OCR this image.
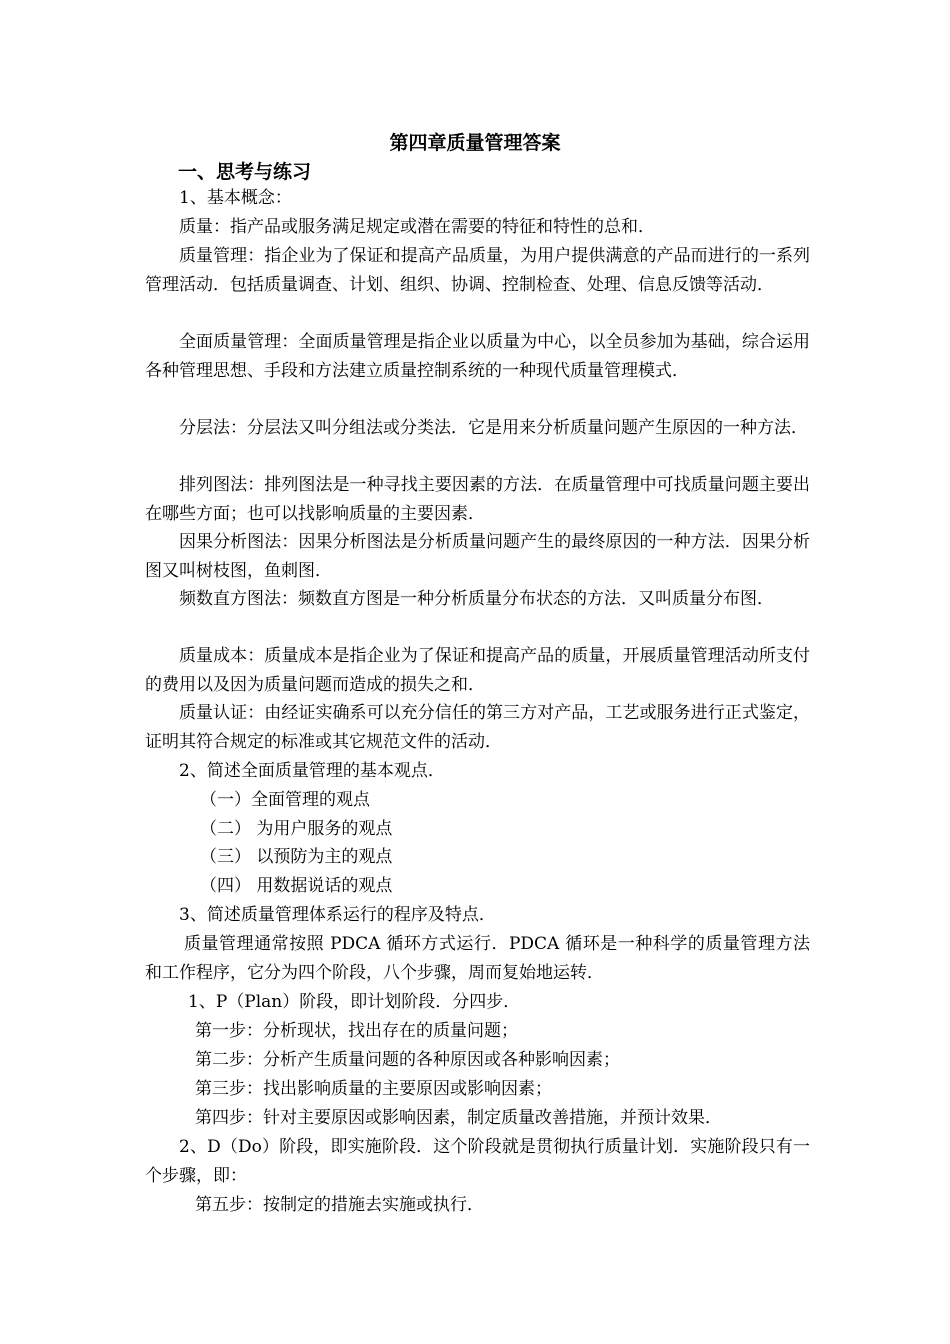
第四章质量管理答案
一、思考与练习
1、基本概念：

质量：指产品或服务满足规定或潜在需要的特征和特性的总和．

质量管理：指企业为了保证和提高产品质量，为用户提供满意的产品而进行的一系列管理活动．包括质量调查、计划、组织、协调、控制检查、处理、信息反馈等活动．

全面质量管理：全面质量管理是指企业以质量为中心，以全员参加为基础，综合运用各种管理思想、手段和方法建立质量控制系统的一种现代质量管理模式．

分层法：分层法又叫分组法或分类法．它是用来分析质量问题产生原因的一种方法．

排列图法：排列图法是一种寻找主要因素的方法．在质量管理中可找质量问题主要出在哪些方面；也可以找影响质量的主要因素．

因果分析图法：因果分析图法是分析质量问题产生的最终原因的一种方法．因果分析图又叫树枝图，鱼刺图．

频数直方图法：频数直方图是一种分析质量分布状态的方法．又叫质量分布图．

质量成本：质量成本是指企业为了保证和提高产品的质量，开展质量管理活动所支付的费用以及因为质量问题而造成的损失之和．

质量认证：由经证实确系可以充分信任的第三方对产品，工艺或服务进行正式鉴定，证明其符合规定的标准或其它规范文件的活动．

2、简述全面质量管理的基本观点．
（一）全面管理的观点
（二） 为用户服务的观点
（三） 以预防为主的观点
（四） 用数据说话的观点
3、简述质量管理体系运行的程序及特点．

质量管理通常按照 PDCA 循环方式运行．PDCA 循环是一种科学的质量管理方法和工作程序，它分为四个阶段，八个步骤，周而复始地运转．

1、P（Plan）阶段，即计划阶段．分四步．
第一步：分析现状，找出存在的质量问题；
第二步：分析产生质量问题的各种原因或各种影响因素；
第三步：找出影响质量的主要原因或影响因素；
第四步：针对主要原因或影响因素，制定质量改善措施，并预计效果．

2、D（Do）阶段，即实施阶段．这个阶段就是贯彻执行质量计划．实施阶段只有一个步骤，即：

第五步：按制定的措施去实施或执行．
